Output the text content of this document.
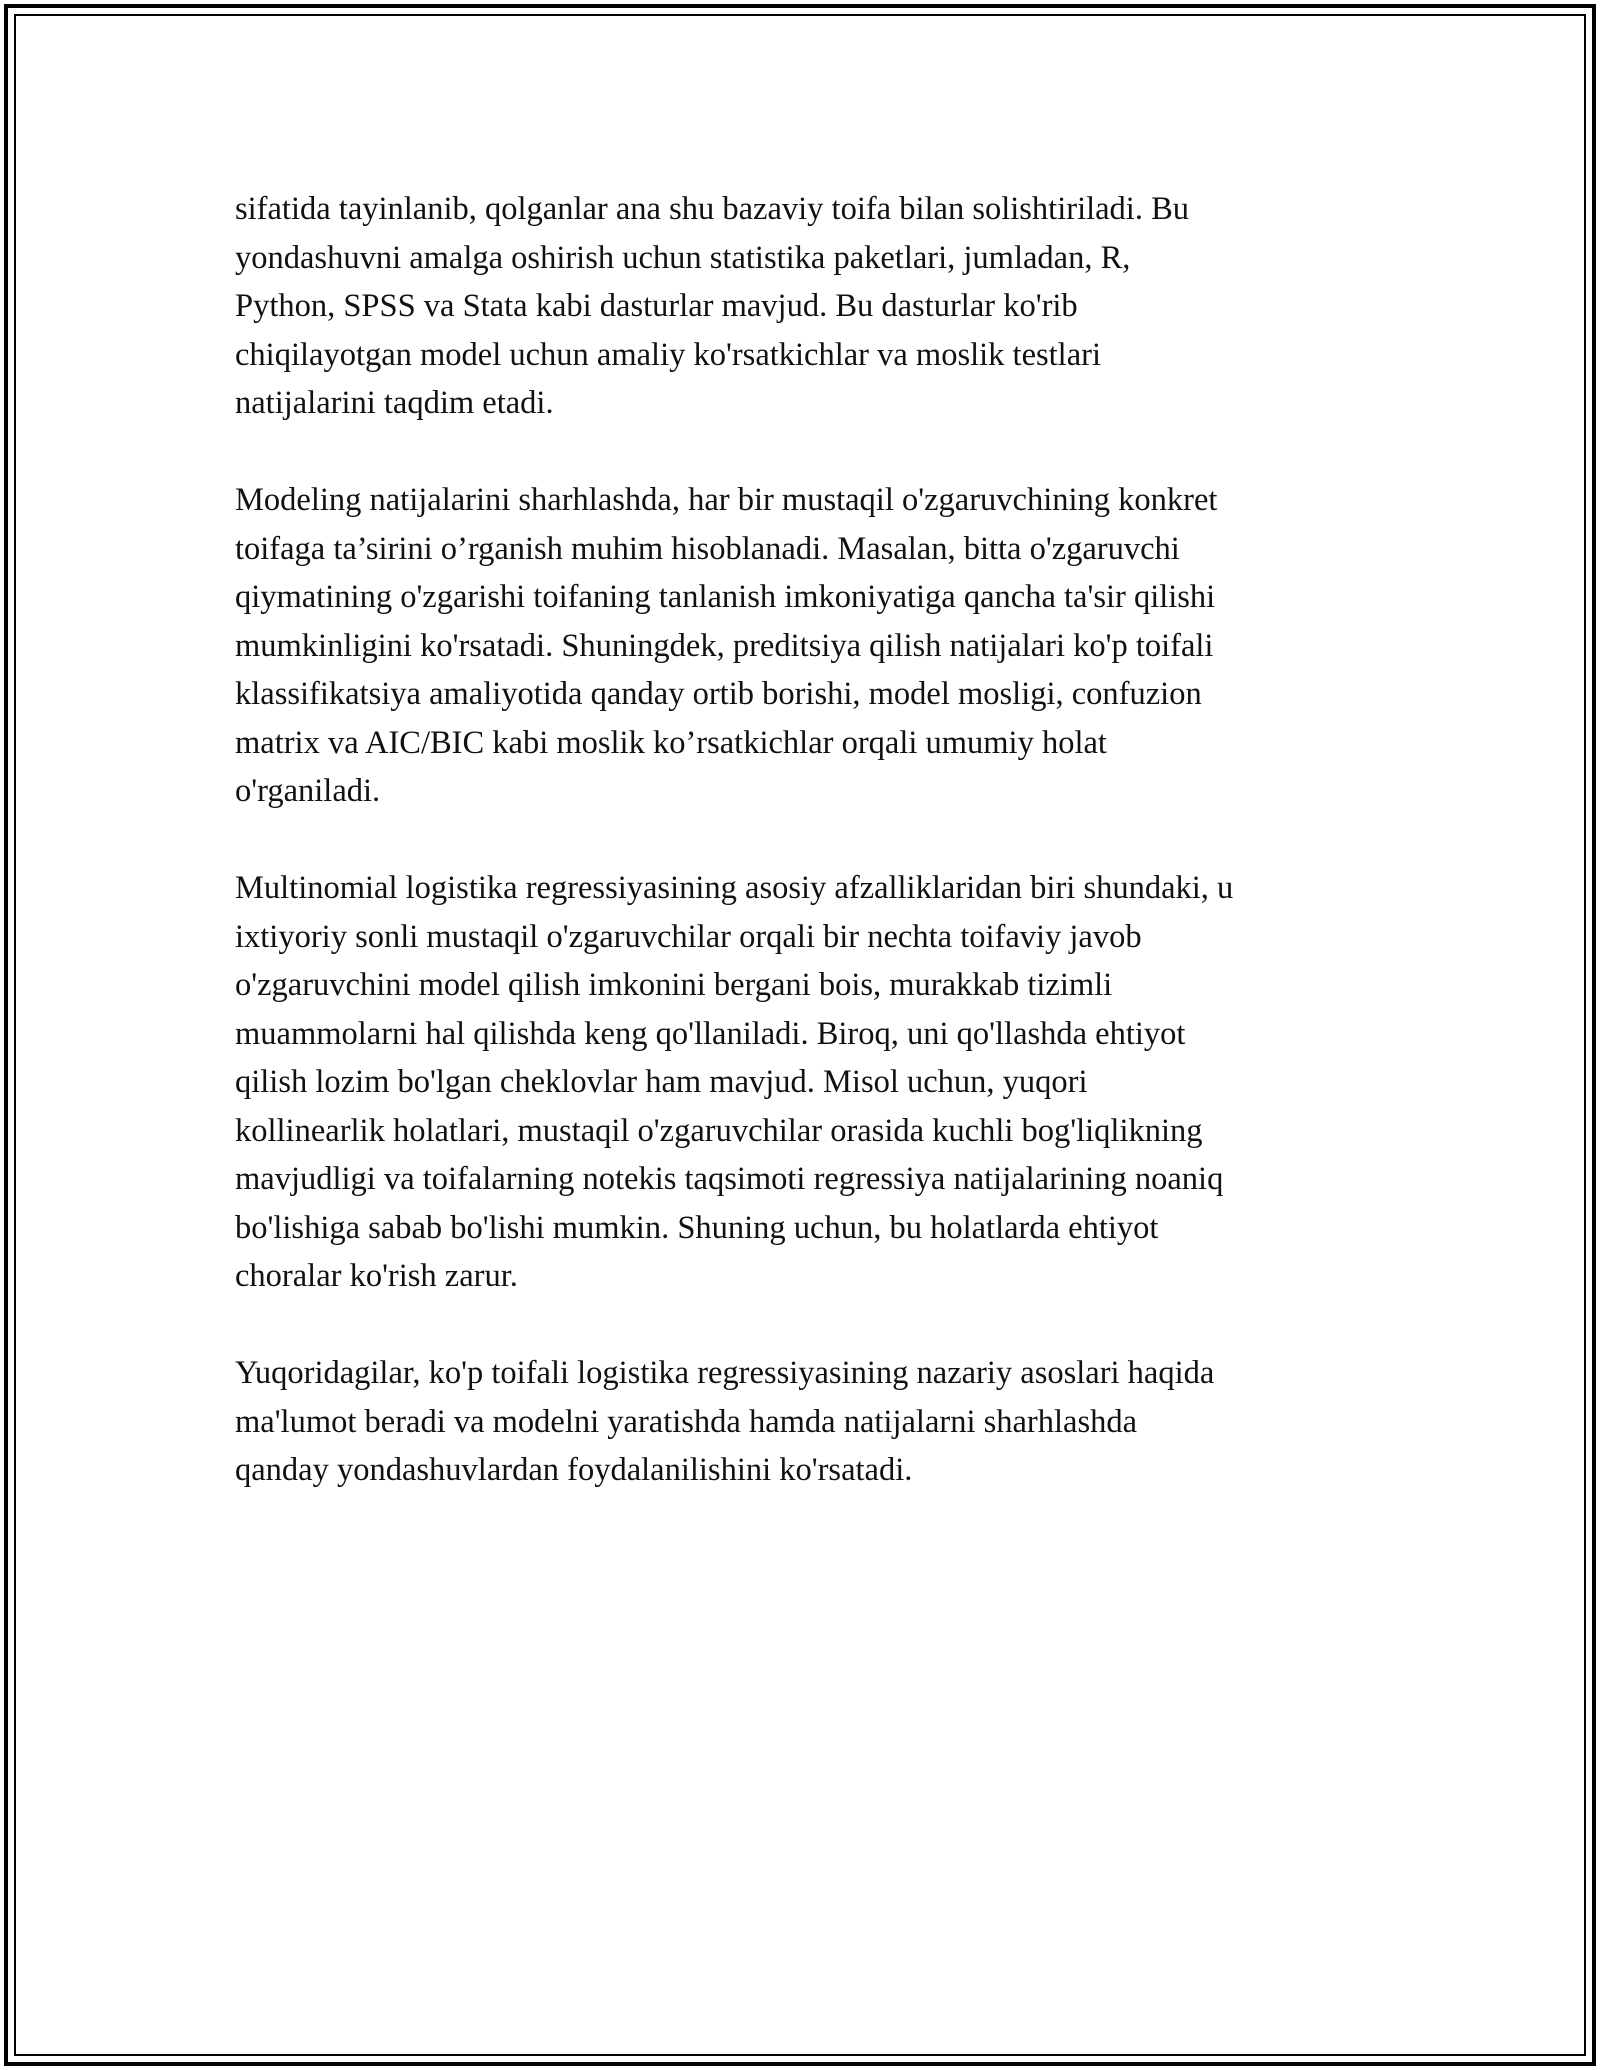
sifatida tayinlanib, qolganlar ana shu bazaviy toifa bilan solishtiriladi. Bu
yondashuvni amalga oshirish uchun statistika paketlari, jumladan, R,
Python, SPSS va Stata kabi dasturlar mavjud. Bu dasturlar ko'rib
chiqilayotgan model uchun amaliy ko'rsatkichlar va moslik testlari
natijalarini taqdim etadi.

Modeling natijalarini sharhlashda, har bir mustaqil o'zgaruvchining konkret
toifaga ta’sirini o’rganish muhim hisoblanadi. Masalan, bitta o'zgaruvchi
qiymatining o'zgarishi toifaning tanlanish imkoniyatiga qancha ta'sir qilishi
mumkinligini ko'rsatadi. Shuningdek, preditsiya qilish natijalari ko'p toifali
klassifikatsiya amaliyotida qanday ortib borishi, model mosligi, confuzion
matrix va AIC/BIC kabi moslik ko’rsatkichlar orqali umumiy holat
o'rganiladi.

Multinomial logistika regressiyasining asosiy afzalliklaridan biri shundaki, u
ixtiyoriy sonli mustaqil o'zgaruvchilar orqali bir nechta toifaviy javob
o'zgaruvchini model qilish imkonini bergani bois, murakkab tizimli
muammolarni hal qilishda keng qo'llaniladi. Biroq, uni qo'llashda ehtiyot
qilish lozim bo'lgan cheklovlar ham mavjud. Misol uchun, yuqori
kollinearlik holatlari, mustaqil o'zgaruvchilar orasida kuchli bog'liqlikning
mavjudligi va toifalarning notekis taqsimoti regressiya natijalarining noaniq
bo'lishiga sabab bo'lishi mumkin. Shuning uchun, bu holatlarda ehtiyot
choralar ko'rish zarur.

Yuqoridagilar, ko'p toifali logistika regressiyasining nazariy asoslari haqida
ma'lumot beradi va modelni yaratishda hamda natijalarni sharhlashda
qanday yondashuvlardan foydalanilishini ko'rsatadi.
